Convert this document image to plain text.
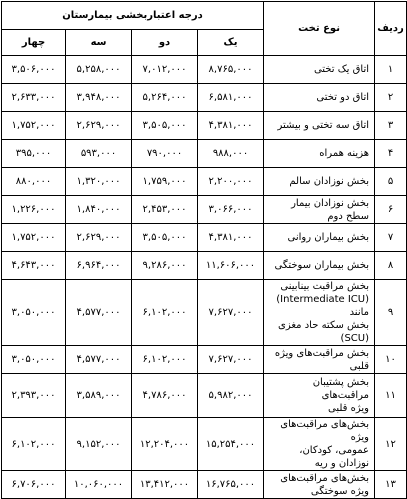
ردیف	نوع تخت	درجه اعتباربخشی بیمارستان			
		یک	دو	سه	چهار
۱	اتاق یک تختی	۸,۷۶۵,۰۰۰	۷,۰۱۲,۰۰۰	۵,۲۵۸,۰۰۰	۳,۵۰۶,۰۰۰
۲	اتاق دو تختی	۶,۵۸۱,۰۰۰	۵,۲۶۴,۰۰۰	۳,۹۴۸,۰۰۰	۲,۶۳۳,۰۰۰
۳	اتاق سه تختی و بیشتر	۴,۳۸۱,۰۰۰	۳,۵۰۵,۰۰۰	۲,۶۲۹,۰۰۰	۱,۷۵۲,۰۰۰
۴	هزینه همراه	۹۸۸,۰۰۰	۷۹۰,۰۰۰	۵۹۳,۰۰۰	۳۹۵,۰۰۰
۵	بخش نوزادان سالم	۲,۲۰۰,۰۰۰	۱,۷۵۹,۰۰۰	۱,۳۲۰,۰۰۰	۸۸۰,۰۰۰
۶	بخش نوزادان بیمار سطح دوم	۳,۰۶۶,۰۰۰	۲,۴۵۳,۰۰۰	۱,۸۴۰,۰۰۰	۱,۲۲۶,۰۰۰
۷	بخش بیماران روانی	۴,۳۸۱,۰۰۰	۳,۵۰۵,۰۰۰	۲,۶۲۹,۰۰۰	۱,۷۵۲,۰۰۰
۸	بخش بیماران سوختگی	۱۱,۶۰۶,۰۰۰	۹,۲۸۶,۰۰۰	۶,۹۶۴,۰۰۰	۴,۶۴۳,۰۰۰
۹	بخش مراقبت بینابینی
(Intermediate ICU) مانند
بخش سکته حاد مغزی (SCU)	۷,۶۲۷,۰۰۰	۶,۱۰۲,۰۰۰	۴,۵۷۷,۰۰۰	۳,۰۵۰,۰۰۰
۱۰	بخش مراقبت‌های ویژه قلبی	۷,۶۲۷,۰۰۰	۶,۱۰۲,۰۰۰	۴,۵۷۷,۰۰۰	۳,۰۵۰,۰۰۰
۱۱	بخش پشتیبان مراقبت‌های
ویژه قلبی	۵,۹۸۲,۰۰۰	۴,۷۸۶,۰۰۰	۳,۵۸۹,۰۰۰	۲,۳۹۳,۰۰۰
۱۲	بخش‌های مراقبت‌های ویژه
عمومی، کودکان، نوزادان و ریه	۱۵,۲۵۴,۰۰۰	۱۲,۲۰۴,۰۰۰	۹,۱۵۲,۰۰۰	۶,۱۰۲,۰۰۰
۱۳	بخش‌های مراقبت‌های ویژه سوختگی	۱۶,۷۶۵,۰۰۰	۱۳,۴۱۲,۰۰۰	۱۰,۰۶۰,۰۰۰	۶,۷۰۶,۰۰۰
